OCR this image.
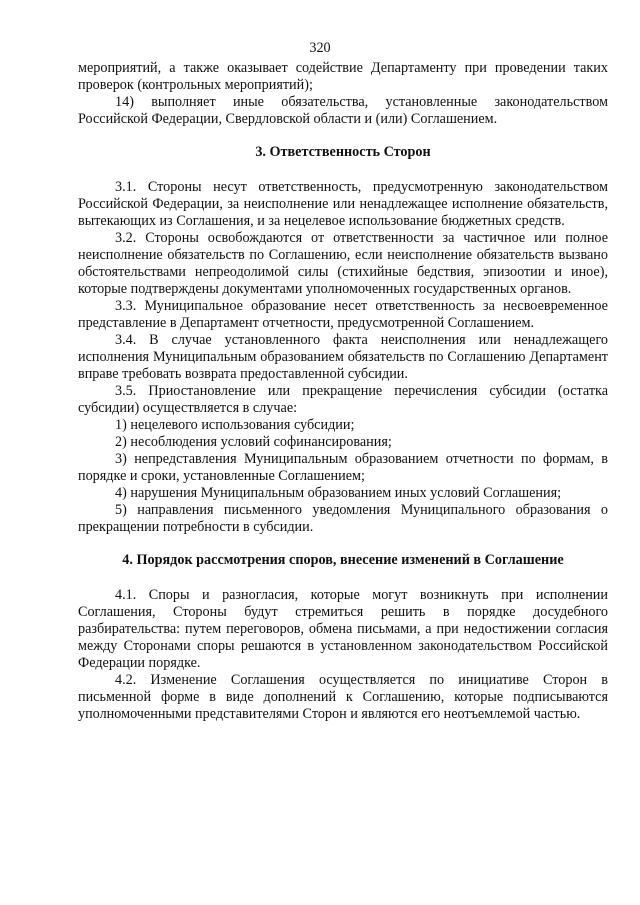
320

мероприятий, а также оказывает содействие Департаменту при проведении таких проверок (контрольных мероприятий);

14) выполняет иные обязательства, установленные законодательством Российской Федерации, Свердловской области и (или) Соглашением.

3. Ответственность Сторон

3.1. Стороны несут ответственность, предусмотренную законодательством Российской Федерации, за неисполнение или ненадлежащее исполнение обязательств, вытекающих из Соглашения, и за нецелевое использование бюджетных средств.

3.2. Стороны освобождаются от ответственности за частичное или полное неисполнение обязательств по Соглашению, если неисполнение обязательств вызвано обстоятельствами непреодолимой силы (стихийные бедствия, эпизоотии и иное), которые подтверждены документами уполномоченных государственных органов.

3.3. Муниципальное образование несет ответственность за несвоевременное представление в Департамент отчетности, предусмотренной Соглашением.

3.4. В случае установленного факта неисполнения или ненадлежащего исполнения Муниципальным образованием обязательств по Соглашению Департамент вправе требовать возврата предоставленной субсидии.

3.5. Приостановление или прекращение перечисления субсидии (остатка субсидии) осуществляется в случае:

1) нецелевого использования субсидии;

2) несоблюдения условий софинансирования;

3) непредставления Муниципальным образованием отчетности по формам, в порядке и сроки, установленные Соглашением;

4) нарушения Муниципальным образованием иных условий Соглашения;

5) направления письменного уведомления Муниципального образования о прекращении потребности в субсидии.

4. Порядок рассмотрения споров, внесение изменений в Соглашение

4.1. Споры и разногласия, которые могут возникнуть при исполнении Соглашения, Стороны будут стремиться решить в порядке досудебного разбирательства: путем переговоров, обмена письмами, а при недостижении согласия между Сторонами споры решаются в установленном законодательством Российской Федерации порядке.

4.2. Изменение Соглашения осуществляется по инициативе Сторон в письменной форме в виде дополнений к Соглашению, которые подписываются уполномоченными представителями Сторон и являются его неотъемлемой частью.
